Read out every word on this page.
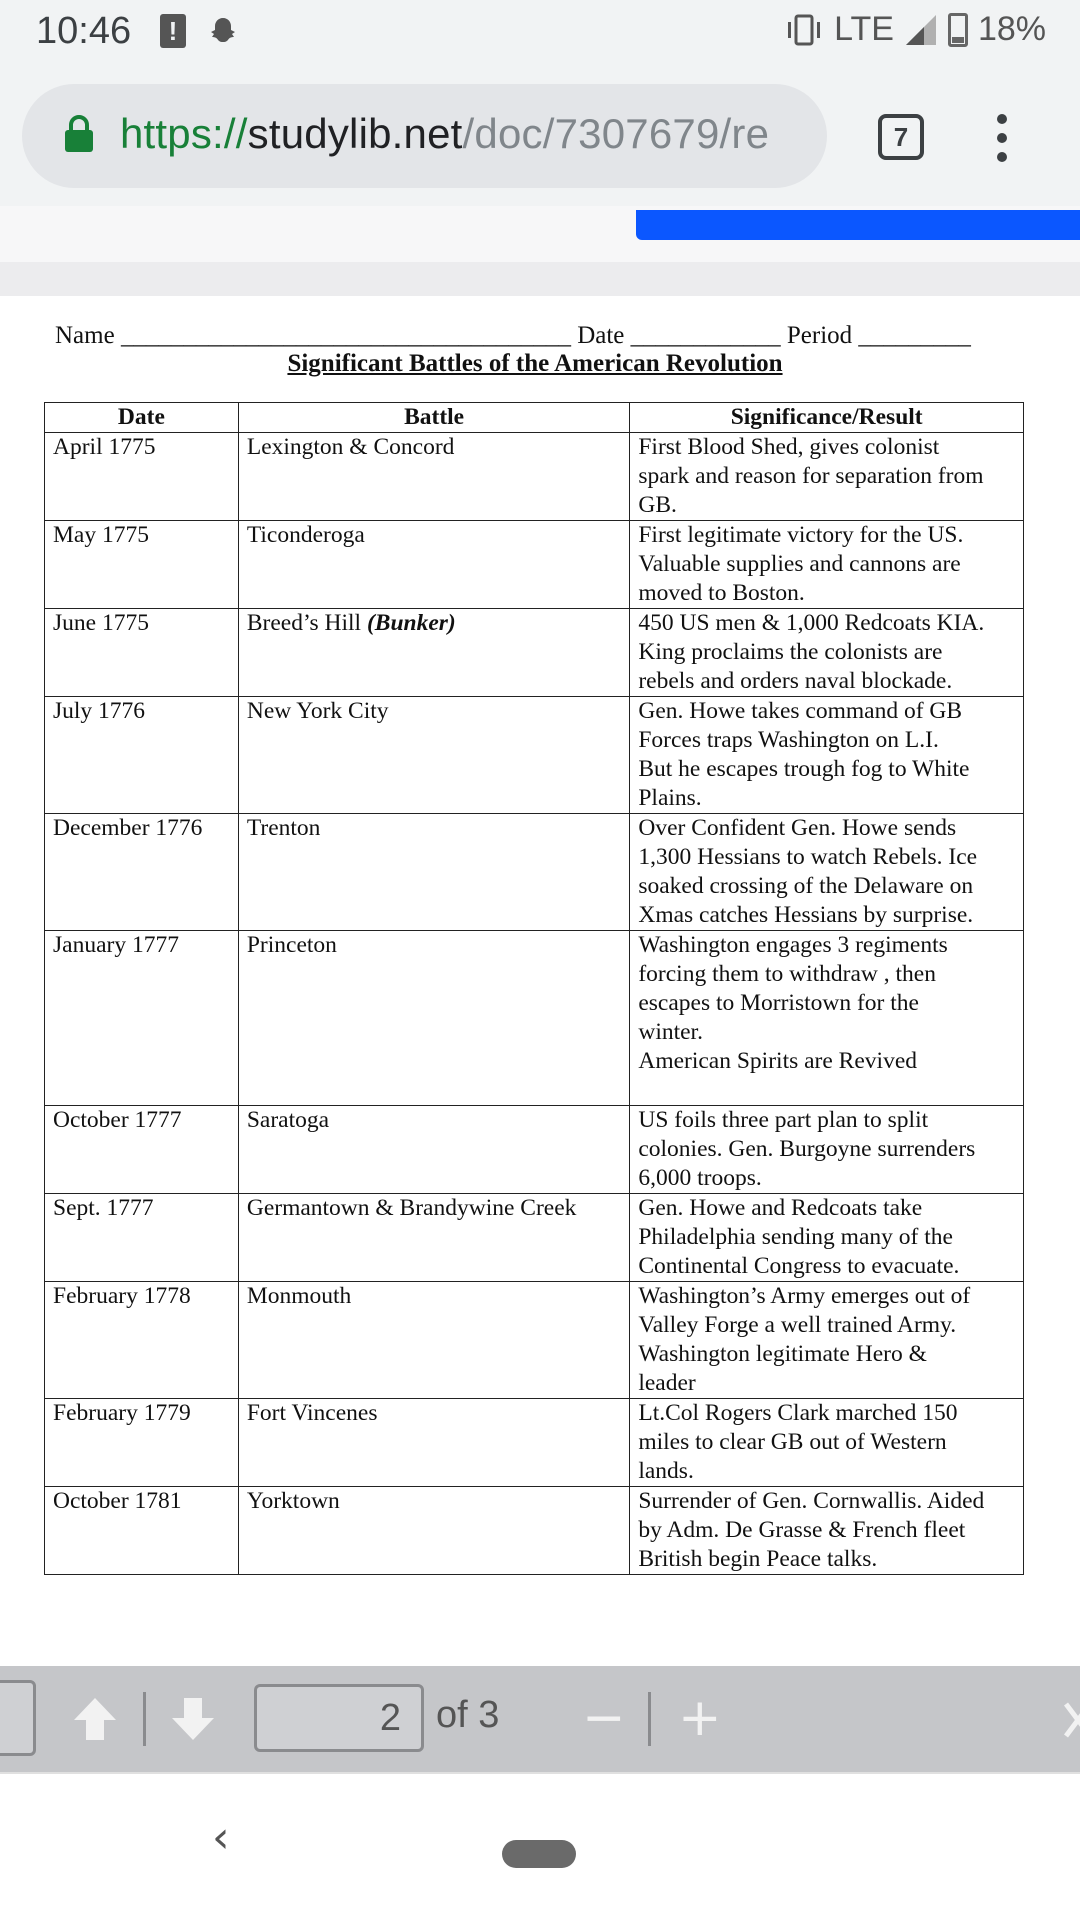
10:46	!	LTE 18%
https://studylib.net/doc/7307679/re	7
Name ____________________________________ Date ____________ Period _________
Significant Battles of the American Revolution
Date	Battle	Significance/Result
April 1775	Lexington & Concord	First Blood Shed, gives colonist
spark and reason for separation from
GB.

May 1775	Ticonderoga	First legitimate victory for the US.
Valuable supplies and cannons are
moved to Boston.

June 1775	Breed’s Hill (Bunker)	450 US men & 1,000 Redcoats KIA.
King proclaims the colonists are
rebels and orders naval blockade.

July 1776	New York City	Gen. Howe takes command of GB
Forces traps Washington on L.I.
But he escapes trough fog to White
Plains.

December 1776	Trenton	Over Confident Gen. Howe sends
1,300 Hessians to watch Rebels. Ice
soaked crossing of the Delaware on
Xmas catches Hessians by surprise.

January 1777	Princeton	Washington engages 3 regiments
forcing them to withdraw , then
escapes to Morristown for the
winter.
American Spirits are Revived

October 1777	Saratoga	US foils three part plan to split
colonies. Gen. Burgoyne surrenders
6,000 troops.

Sept. 1777	Germantown & Brandywine Creek	Gen. Howe and Redcoats take
Philadelphia sending many of the
Continental Congress to evacuate.

February 1778	Monmouth	Washington’s Army emerges out of
Valley Forge a well trained Army.
Washington legitimate Hero &
leader

February 1779	Fort Vincenes	Lt.Col Rogers Clark marched 150
miles to clear GB out of Western
lands.

October 1781	Yorktown	Surrender of Gen. Cornwallis. Aided
by Adm. De Grasse & French fleet
British begin Peace talks.
2 of 3 − +
‹
